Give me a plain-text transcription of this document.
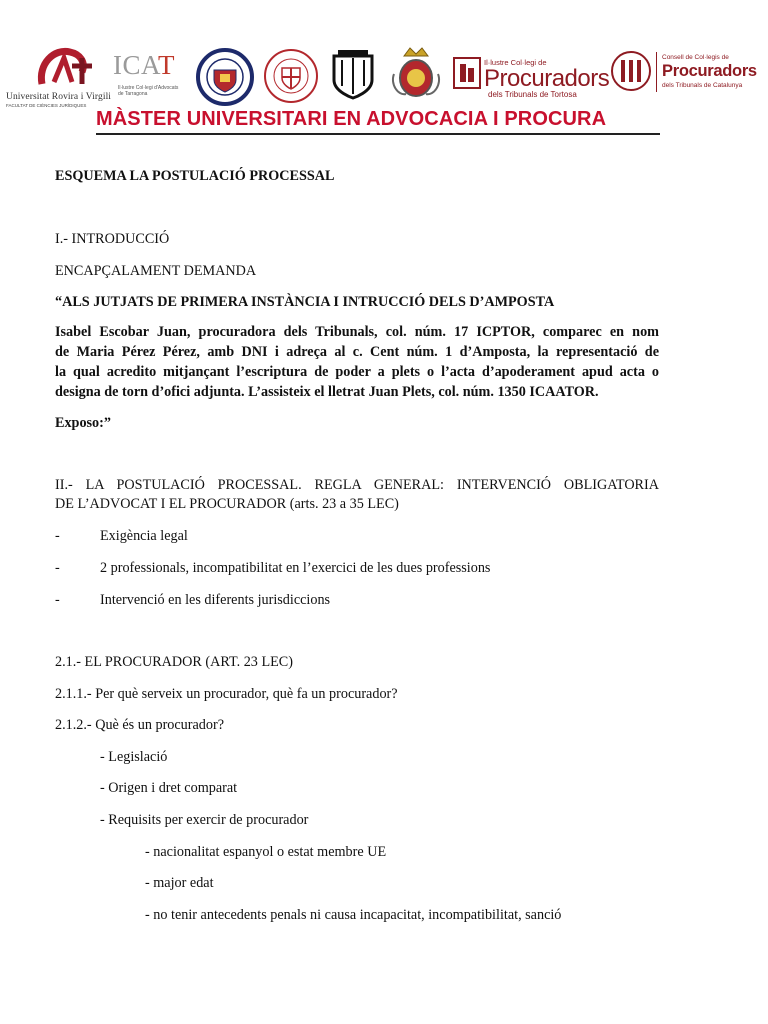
Universitat Rovira i Virgili
FACULTAT DE CIÈNCIES JURÍDIQUES
ICAT
Il·lustre Col·legi d'Advocats
de Tarragona
Il·lustre Col·legi de
Procuradors
dels Tribunals de Tortosa
Consell de Col·legis de
Procuradors
dels Tribunals de Catalunya
MÀSTER UNIVERSITARI EN ADVOCACIA I PROCURA
ESQUEMA LA POSTULACIÓ PROCESSAL
I.- INTRODUCCIÓ
ENCAPÇALAMENT DEMANDA
“ALS JUTJATS DE PRIMERA INSTÀNCIA I INTRUCCIÓ DELS D’AMPOSTA
Isabel Escobar Juan, procuradora dels Tribunals, col. núm. 17 ICPTOR, comparec en nom
de Maria Pérez Pérez, amb DNI i adreça al c. Cent núm. 1 d’Amposta, la representació de
la qual acredito mitjançant l’escriptura de poder a plets o l’acta d’apoderament apud acta o
designa de torn d’ofici adjunta. L’assisteix el lletrat Juan Plets, col. núm. 1350 ICAATOR.
Exposo:”
II.- LA POSTULACIÓ PROCESSAL. REGLA GENERAL: INTERVENCIÓ OBLIGATORIA
DE L’ADVOCAT I EL PROCURADOR (arts. 23 a 35 LEC)
-	Exigència legal
-	2 professionals, incompatibilitat en l’exercici de les dues professions
-	Intervenció en les diferents jurisdiccions
2.1.- EL PROCURADOR (ART. 23 LEC)
2.1.1.- Per què serveix un procurador, què fa un procurador?
2.1.2.- Què és un procurador?
- Legislació
- Origen i dret comparat
- Requisits per exercir de procurador
- nacionalitat espanyol o estat membre UE
- major edat
- no tenir antecedents penals ni causa incapacitat, incompatibilitat, sanció
